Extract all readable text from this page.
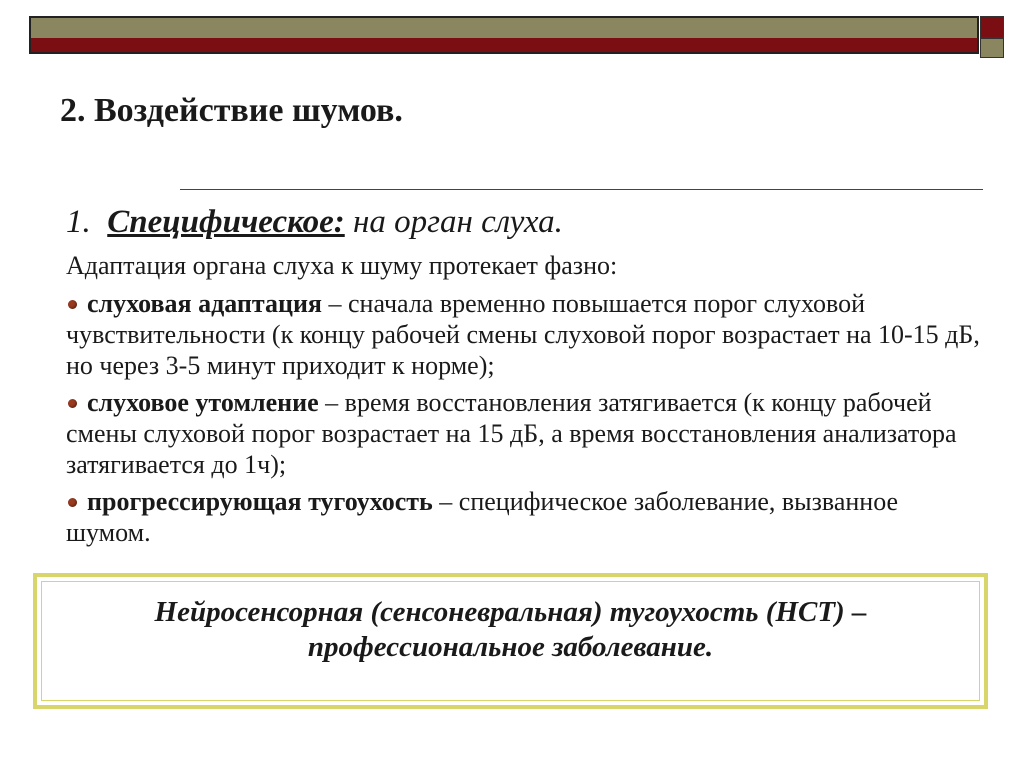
2. Воздействие шумов.

1. Специфическое: на орган слуха.

Адаптация органа слуха к шуму протекает фазно:

слуховая адаптация – сначала временно повышается порог слуховой чувствительности (к концу рабочей смены слуховой порог возрастает на 10-15 дБ, но через 3-5 минут приходит к норме);

слуховое утомление – время восстановления затягивается (к концу рабочей смены слуховой порог возрастает на 15 дБ, а время восстановления анализатора затягивается до 1ч);

прогрессирующая тугоухость – специфическое заболевание, вызванное шумом.

Нейросенсорная (сенсоневральная) тугоухость (НСТ) –
профессиональное заболевание.
